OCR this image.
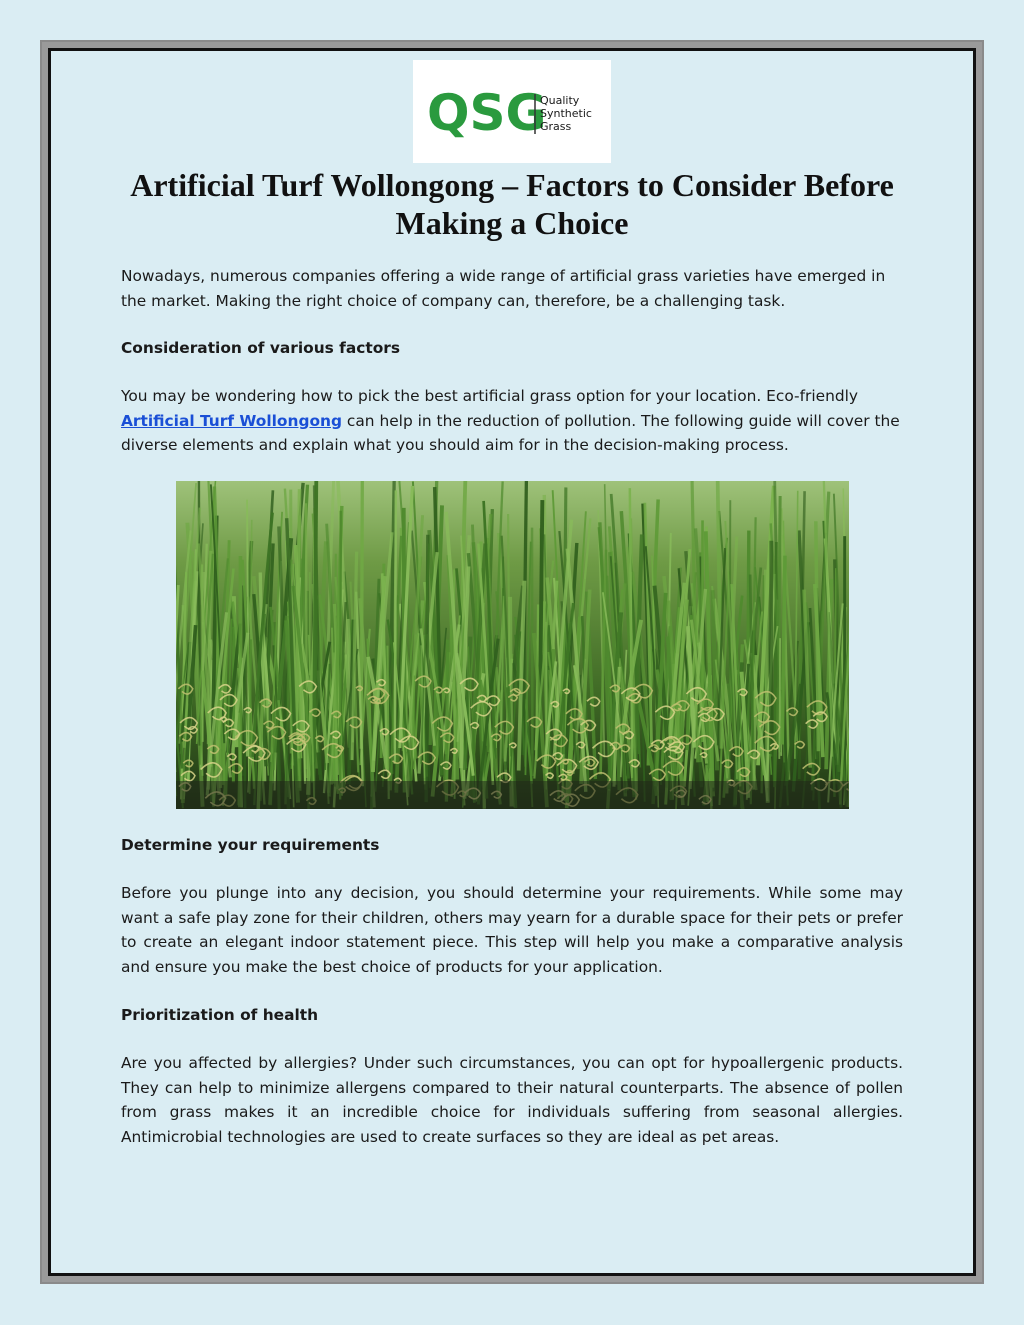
QSG
Quality
Synthetic
Grass
Artificial Turf Wollongong – Factors to Consider Before Making a Choice

Nowadays, numerous companies offering a wide range of artificial grass varieties have emerged in the market. Making the right choice of company can, therefore, be a challenging task.

Consideration of various factors

You may be wondering how to pick the best artificial grass option for your location. Eco-friendly Artificial Turf Wollongong can help in the reduction of pollution. The following guide will cover the diverse elements and explain what you should aim for in the decision-making process.

Determine your requirements

Before you plunge into any decision, you should determine your requirements. While some may want a safe play zone for their children, others may yearn for a durable space for their pets or prefer to create an elegant indoor statement piece. This step will help you make a comparative analysis and ensure you make the best choice of products for your application.

Prioritization of health

Are you affected by allergies? Under such circumstances, you can opt for hypoallergenic products. They can help to minimize allergens compared to their natural counterparts. The absence of pollen from grass makes it an incredible choice for individuals suffering from seasonal allergies. Antimicrobial technologies are used to create surfaces so they are ideal as pet areas.
